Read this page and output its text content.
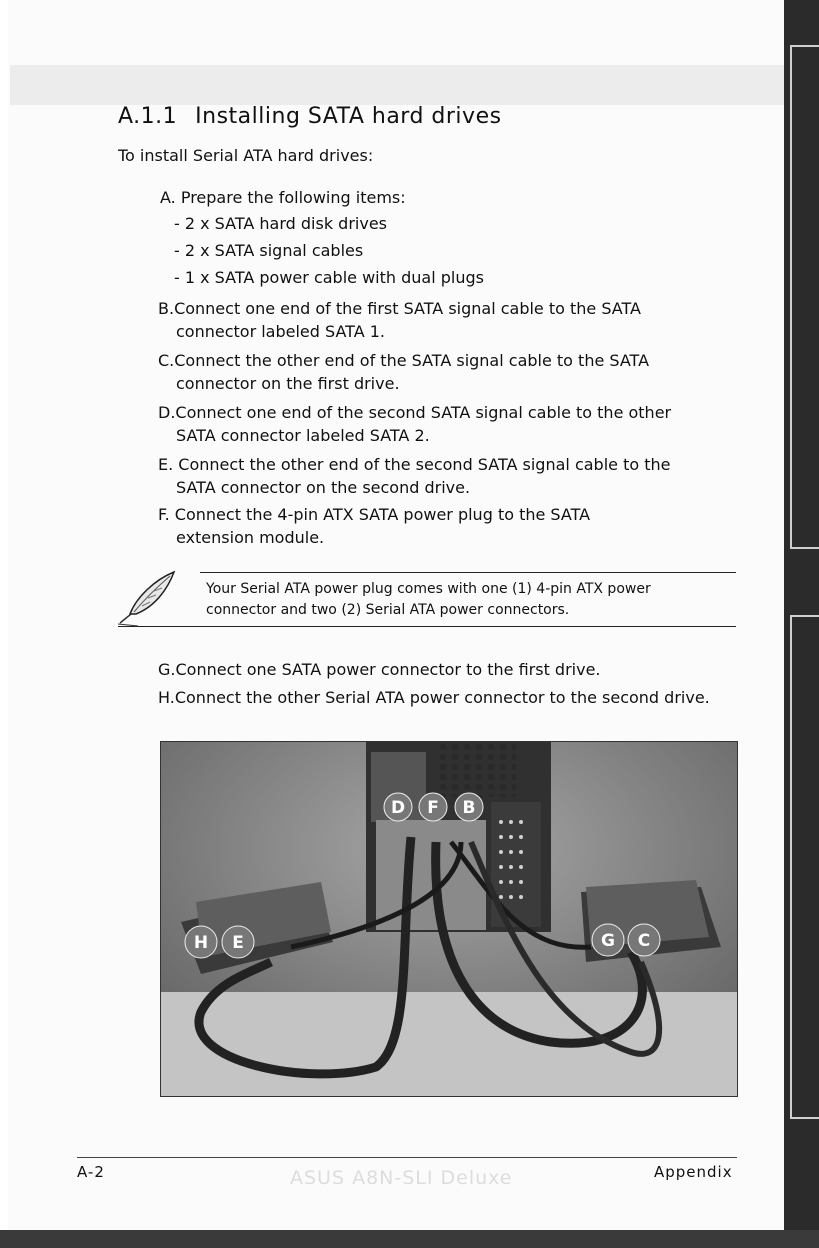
A.1.1 Installing SATA hard drives
To install Serial ATA hard drives:
A. Prepare the following items:
- 2 x SATA hard disk drives
- 2 x SATA signal cables
- 1 x SATA power cable with dual plugs
B.Connect one end of the first SATA signal cable to the SATA
connector labeled SATA 1.
C.Connect the other end of the SATA signal cable to the SATA
connector on the first drive.
D.Connect one end of the second SATA signal cable to the other
SATA connector labeled SATA 2.
E. Connect the other end of the second SATA signal cable to the
SATA connector on the second drive.
F. Connect the 4-pin ATX SATA power plug to the SATA
extension module.
Your Serial ATA power plug comes with one (1) 4-pin ATX power
connector and two (2) Serial ATA power connectors.
G.Connect one SATA power connector to the first drive.
H.Connect the other Serial ATA power connector to the second drive.
D F B
H E	G C
A-2	ASUS A8N-SLI Deluxe	Appendix
